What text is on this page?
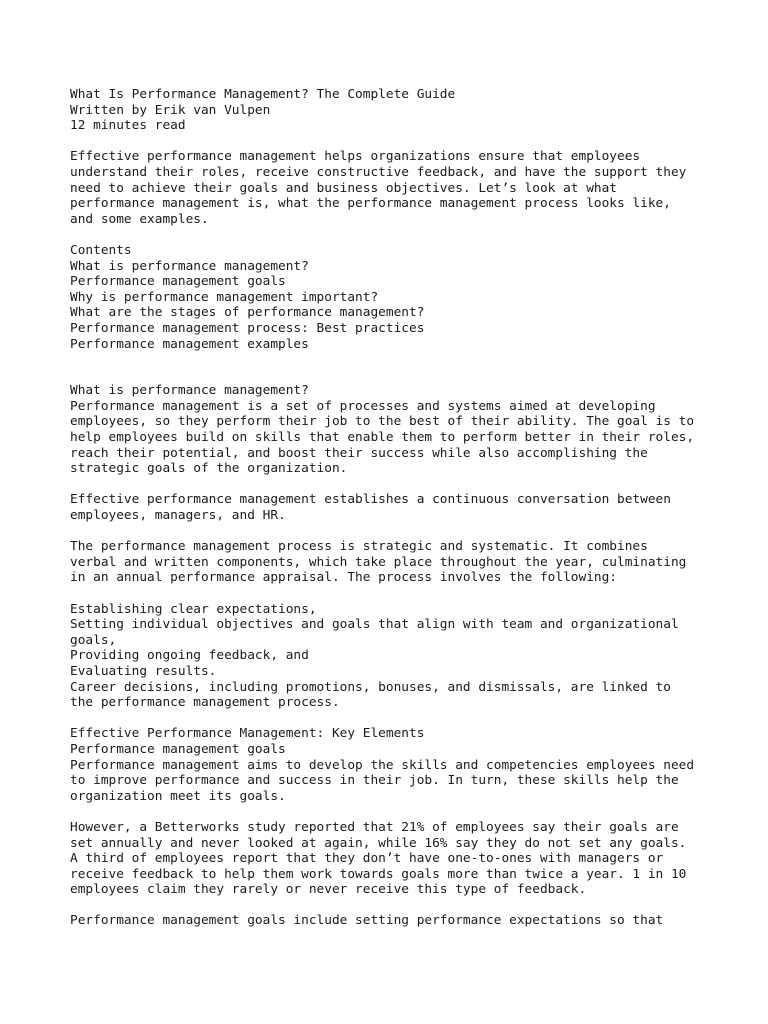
What Is Performance Management? The Complete Guide
Written by Erik van Vulpen
12 minutes read
Effective performance management helps organizations ensure that employees
understand their roles, receive constructive feedback, and have the support they
need to achieve their goals and business objectives. Let’s look at what
performance management is, what the performance management process looks like,
and some examples.
Contents
What is performance management?
Performance management goals
Why is performance management important?
What are the stages of performance management?
Performance management process: Best practices
Performance management examples
What is performance management?
Performance management is a set of processes and systems aimed at developing
employees, so they perform their job to the best of their ability. The goal is to
help employees build on skills that enable them to perform better in their roles,
reach their potential, and boost their success while also accomplishing the
strategic goals of the organization.
Effective performance management establishes a continuous conversation between
employees, managers, and HR.
The performance management process is strategic and systematic. It combines
verbal and written components, which take place throughout the year, culminating
in an annual performance appraisal. The process involves the following:
Establishing clear expectations,
Setting individual objectives and goals that align with team and organizational
goals,
Providing ongoing feedback, and
Evaluating results.
Career decisions, including promotions, bonuses, and dismissals, are linked to
the performance management process.
Effective Performance Management: Key Elements
Performance management goals
Performance management aims to develop the skills and competencies employees need
to improve performance and success in their job. In turn, these skills help the
organization meet its goals.
However, a Betterworks study reported that 21% of employees say their goals are
set annually and never looked at again, while 16% say they do not set any goals.
A third of employees report that they don’t have one-to-ones with managers or
receive feedback to help them work towards goals more than twice a year. 1 in 10
employees claim they rarely or never receive this type of feedback.
Performance management goals include setting performance expectations so that
